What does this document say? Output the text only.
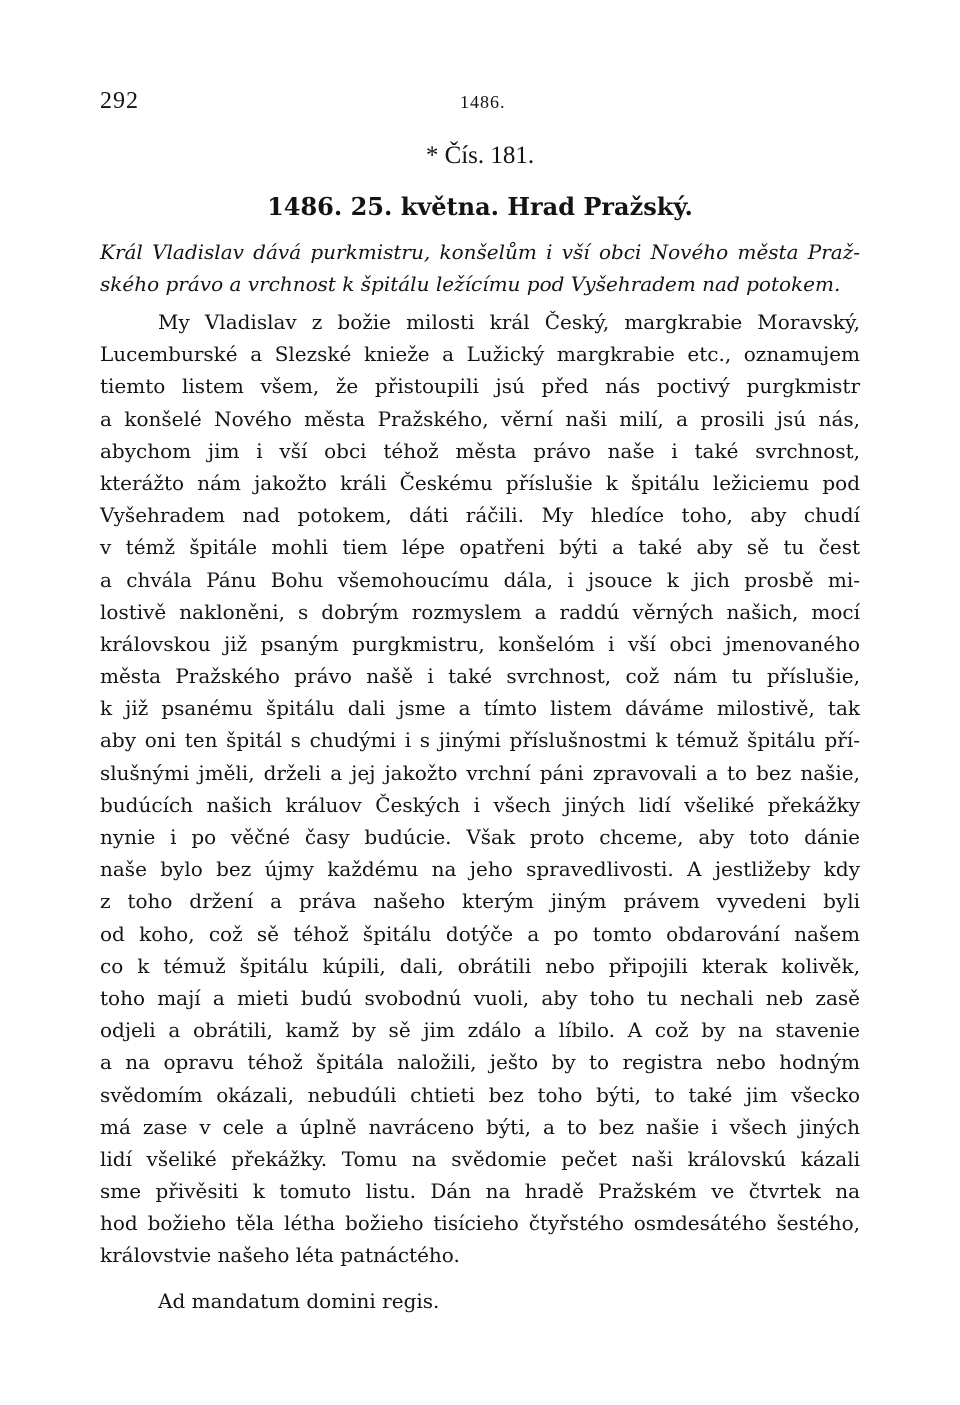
292	1486.
* Čís. 181.
1486. 25. května. Hrad Pražský.
Král Vladislav dává purkmistru, konšelům i vší obci Nového města Praž-
ského právo a vrchnost k špitálu ležícímu pod Vyšehradem nad potokem.
My Vladislav z božie milosti král Český, margkrabie Moravský,
Lucemburské a Slezské knieže a Lužický margkrabie etc., oznamujem
tiemto listem všem, že přistoupili jsú před nás poctivý purgkmistr
a konšelé Nového města Pražského, věrní naši milí, a prosili jsú nás,
abychom jim i vší obci téhož města právo naše i také svrchnost,
kterážto nám jakožto králi Českému příslušie k špitálu ležiciemu pod
Vyšehradem nad potokem, dáti ráčili. My hledíce toho, aby chudí
v témž špitále mohli tiem lépe opatřeni býti a také aby sě tu čest
a chvála Pánu Bohu všemohoucímu dála, i jsouce k jich prosbě mi-
lostivě nakloněni, s dobrým rozmyslem a raddú věrných našich, mocí
královskou již psaným purgkmistru, konšelóm i vší obci jmenovaného
města Pražského právo našě i také svrchnost, což nám tu příslušie,
k již psanému špitálu dali jsme a tímto listem dáváme milostivě, tak
aby oni ten špitál s chudými i s jinými příslušnostmi k témuž špitálu pří-
slušnými jměli, drželi a jej jakožto vrchní páni zpravovali a to bez našie,
budúcích našich králuov Českých i všech jiných lidí všeliké překážky
nynie i po věčné časy budúcie. Však proto chceme, aby toto dánie
naše bylo bez újmy každému na jeho spravedlivosti. A jestližeby kdy
z toho držení a práva našeho kterým jiným právem vyvedeni byli
od koho, což sě téhož špitálu dotýče a po tomto obdarování našem
co k témuž špitálu kúpili, dali, obrátili nebo připojili kterak kolivěk,
toho mají a mieti budú svobodnú vuoli, aby toho tu nechali neb zasě
odjeli a obrátili, kamž by sě jim zdálo a líbilo. A což by na stavenie
a na opravu téhož špitála naložili, ješto by to registra nebo hodným
svědomím okázali, nebudúli chtieti bez toho býti, to také jim všecko
má zase v cele a úplně navráceno býti, a to bez našie i všech jiných
lidí všeliké překážky. Tomu na svědomie pečet naši královskú kázali
sme přivěsiti k tomuto listu. Dán na hradě Pražském ve čtvrtek na
hod božieho těla létha božieho tisícieho čtyřstého osmdesátého šestého,
královstvie našeho léta patnáctého.
Ad mandatum domini regis.
